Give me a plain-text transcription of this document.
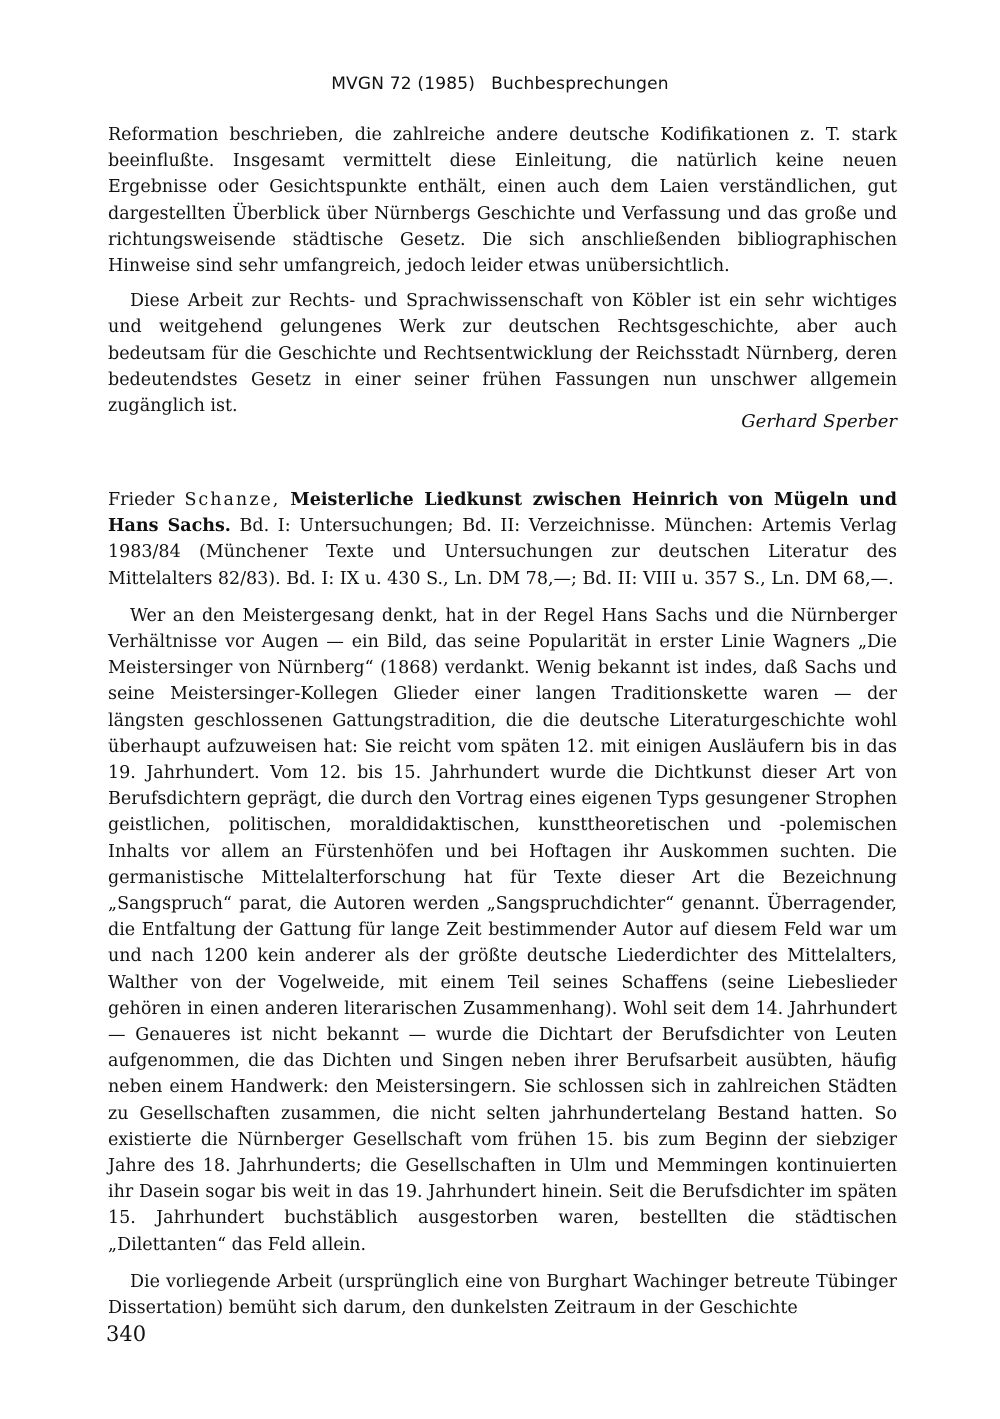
MVGN 72 (1985) Buchbesprechungen

Reformation beschrieben, die zahlreiche andere deutsche Kodifikationen z. T. stark beeinflußte. Insgesamt vermittelt diese Einleitung, die natürlich keine neuen Ergebnisse oder Gesichtspunkte enthält, einen auch dem Laien verständlichen, gut dargestellten Überblick über Nürnbergs Geschichte und Verfassung und das große und richtungsweisende städtische Gesetz. Die sich anschließenden bibliographischen Hinweise sind sehr umfangreich, jedoch leider etwas unübersichtlich.

Diese Arbeit zur Rechts- und Sprachwissenschaft von Köbler ist ein sehr wichtiges und weitgehend gelungenes Werk zur deutschen Rechtsgeschichte, aber auch bedeutsam für die Geschichte und Rechtsentwicklung der Reichsstadt Nürnberg, deren bedeutendstes Gesetz in einer seiner frühen Fassungen nun unschwer allgemein zugänglich ist.

Gerhard Sperber

Frieder Schanze, Meisterliche Liedkunst zwischen Heinrich von Mügeln und Hans Sachs. Bd. I: Untersuchungen; Bd. II: Verzeichnisse. München: Artemis Verlag 1983/84 (Münchener Texte und Untersuchungen zur deutschen Literatur des Mittelalters 82/83). Bd. I: IX u. 430 S., Ln. DM 78,—; Bd. II: VIII u. 357 S., Ln. DM 68,—.

Wer an den Meistergesang denkt, hat in der Regel Hans Sachs und die Nürnberger Verhältnisse vor Augen — ein Bild, das seine Popularität in erster Linie Wagners „Die Meistersinger von Nürnberg“ (1868) verdankt. Wenig bekannt ist indes, daß Sachs und seine Meistersinger-Kollegen Glieder einer langen Traditionskette waren — der längsten geschlossenen Gattungstradition, die die deutsche Literaturgeschichte wohl überhaupt aufzuweisen hat: Sie reicht vom späten 12. mit einigen Ausläufern bis in das 19. Jahrhundert. Vom 12. bis 15. Jahrhundert wurde die Dichtkunst dieser Art von Berufsdichtern geprägt, die durch den Vortrag eines eigenen Typs gesungener Strophen geistlichen, politischen, moraldidaktischen, kunsttheoretischen und -polemischen Inhalts vor allem an Fürstenhöfen und bei Hoftagen ihr Auskommen suchten. Die germanistische Mittelalterforschung hat für Texte dieser Art die Bezeichnung „Sangspruch“ parat, die Autoren werden „Sangspruchdichter“ genannt. Überragender, die Entfaltung der Gattung für lange Zeit bestimmender Autor auf diesem Feld war um und nach 1200 kein anderer als der größte deutsche Liederdichter des Mittelalters, Walther von der Vogelweide, mit einem Teil seines Schaffens (seine Liebeslieder gehören in einen anderen literarischen Zusammenhang). Wohl seit dem 14. Jahrhundert — Genaueres ist nicht bekannt — wurde die Dichtart der Berufsdichter von Leuten aufgenommen, die das Dichten und Singen neben ihrer Berufsarbeit ausübten, häufig neben einem Handwerk: den Meistersingern. Sie schlossen sich in zahlreichen Städten zu Gesellschaften zusammen, die nicht selten jahrhundertelang Bestand hatten. So existierte die Nürnberger Gesellschaft vom frühen 15. bis zum Beginn der siebziger Jahre des 18. Jahrhunderts; die Gesellschaften in Ulm und Memmingen kontinuierten ihr Dasein sogar bis weit in das 19. Jahrhundert hinein. Seit die Berufsdichter im späten 15. Jahrhundert buchstäblich ausgestorben waren, bestellten die städtischen „Dilettanten“ das Feld allein.

Die vorliegende Arbeit (ursprünglich eine von Burghart Wachinger betreute Tübinger Dissertation) bemüht sich darum, den dunkelsten Zeitraum in der Geschichte

340
